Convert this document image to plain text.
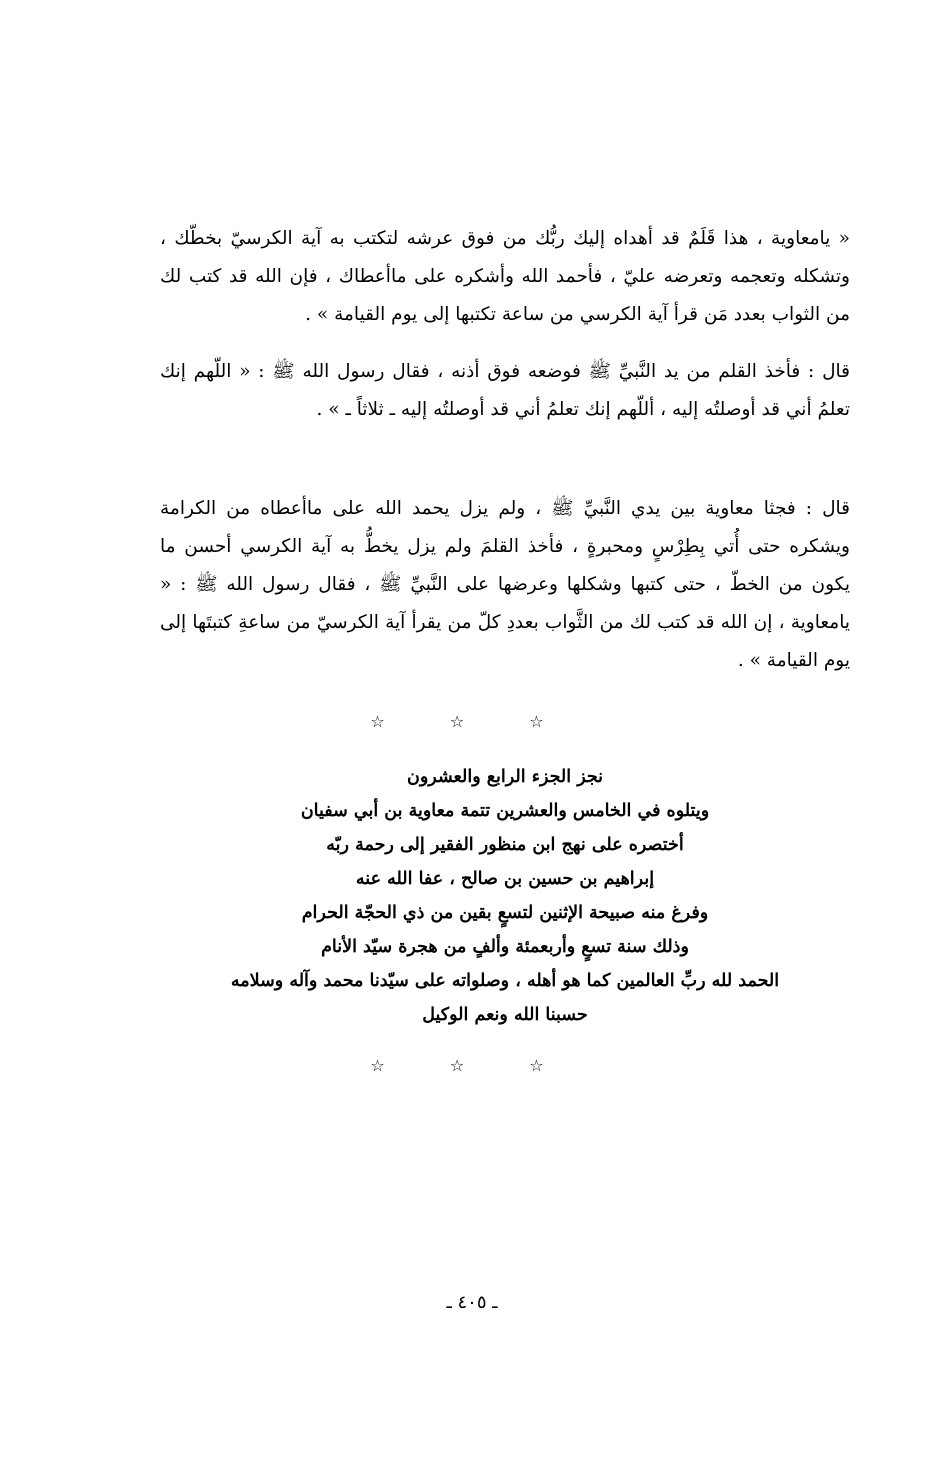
« يامعاوية ، هذا قَلَمٌ قد أهداه إليك ربُّك من فوق عرشه لتكتب به آية الكرسيّ بخطّك ، وتشكله وتعجمه وتعرضه عليّ ، فأحمد الله وأشكره على ماأعطاك ، فإن الله قد كتب لك من الثواب بعدد مَن قرأ آية الكرسي من ساعة تكتبها إلى يوم القيامة » .

قال : فأخذ القلم من يد النَّبيِّ ﷺ فوضعه فوق أذنه ، فقال رسول الله ﷺ : « اللّهم إنك تعلمُ أني قد أوصلتُه إليه ، أللّهم إنك تعلمُ أني قد أوصلتُه إليه ـ ثلاثاً ـ » .

قال : فجثا معاوية بين يدي النَّبيِّ ﷺ ، ولم يزل يحمد الله على ماأعطاه من الكرامة ويشكره حتى أُتي بِطِرْسٍ ومحبرةٍ ، فأخذ القلمَ ولم يزل يخطُّ به آية الكرسي أحسن ما يكون من الخطّ ، حتى كتبها وشكلها وعرضها على النَّبيِّ ﷺ ، فقال رسول الله ﷺ : « يامعاوية ، إن الله قد كتب لك من الثَّواب بعددِ كلّ من يقرأ آية الكرسيّ من ساعةِ كتبتَها إلى يوم القيامة » .

☆ ☆ ☆
نجز الجزء الرابع والعشرون
ويتلوه في الخامس والعشرين تتمة معاوية بن أبي سفيان
أختصره على نهج ابن منظور الفقير إلى رحمة ربّه
إبراهيم بن حسين بن صالح ، عفا الله عنه
وفرغ منه صبيحة الإثنين لتسعٍ بقين من ذي الحجّة الحرام
وذلك سنة تسعٍ وأربعمئة وألفٍ من هجرة سيّد الأنام
الحمد لله ربِّ العالمين كما هو أهله ، وصلواته على سيّدنا محمد وآله وسلامه
حسبنا الله ونعم الوكيل
☆ ☆ ☆
ـ ٤٠٥ ـ
